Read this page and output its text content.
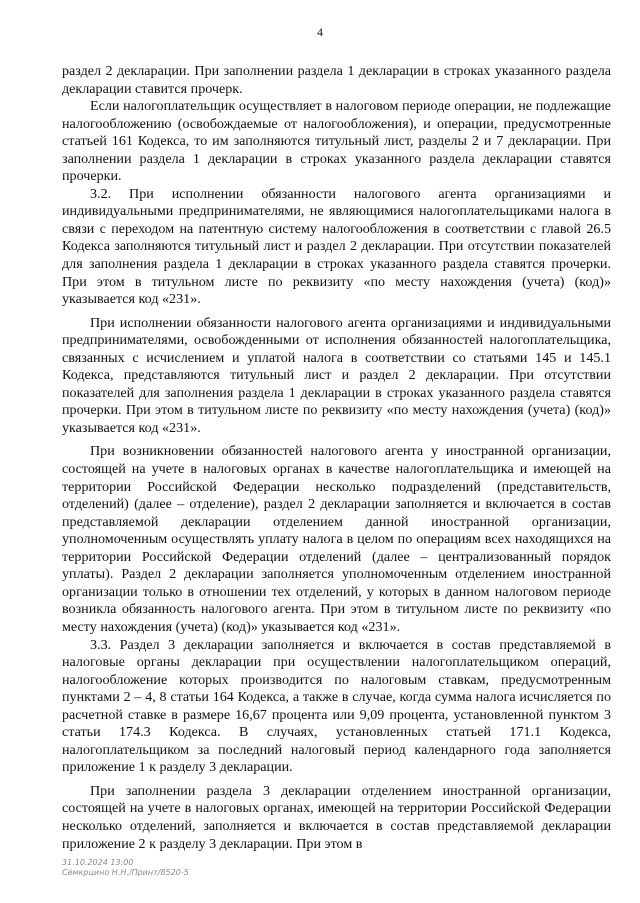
4

раздел 2 декларации. При заполнении раздела 1 декларации в строках указанного раздела декларации ставится прочерк.

Если налогоплательщик осуществляет в налоговом периоде операции, не подлежащие налогообложению (освобождаемые от налогообложения), и операции, предусмотренные статьей 161 Кодекса, то им заполняются титульный лист, разделы 2 и 7 декларации. При заполнении раздела 1 декларации в строках указанного раздела декларации ставятся прочерки.

3.2. При исполнении обязанности налогового агента организациями и индивидуальными предпринимателями, не являющимися налогоплательщиками налога в связи с переходом на патентную систему налогообложения в соответствии с главой 26.5 Кодекса заполняются титульный лист и раздел 2 декларации. При отсутствии показателей для заполнения раздела 1 декларации в строках указанного раздела ставятся прочерки. При этом в титульном листе по реквизиту «по месту нахождения (учета) (код)» указывается код «231».

При исполнении обязанности налогового агента организациями и индивидуальными предпринимателями, освобожденными от исполнения обязанностей налогоплательщика, связанных с исчислением и уплатой налога в соответствии со статьями 145 и 145.1 Кодекса, представляются титульный лист и раздел 2 декларации. При отсутствии показателей для заполнения раздела 1 декларации в строках указанного раздела ставятся прочерки. При этом в титульном листе по реквизиту «по месту нахождения (учета) (код)» указывается код «231».

При возникновении обязанностей налогового агента у иностранной организации, состоящей на учете в налоговых органах в качестве налогоплательщика и имеющей на территории Российской Федерации несколько подразделений (представительств, отделений) (далее – отделение), раздел 2 декларации заполняется и включается в состав представляемой декларации отделением данной иностранной организации, уполномоченным осуществлять уплату налога в целом по операциям всех находящихся на территории Российской Федерации отделений (далее – централизованный порядок уплаты). Раздел 2 декларации заполняется уполномоченным отделением иностранной организации только в отношении тех отделений, у которых в данном налоговом периоде возникла обязанность налогового агента. При этом в титульном листе по реквизиту «по месту нахождения (учета) (код)» указывается код «231».

3.3. Раздел 3 декларации заполняется и включается в состав представляемой в налоговые органы декларации при осуществлении налогоплательщиком операций, налогообложение которых производится по налоговым ставкам, предусмотренным пунктами 2 – 4, 8 статьи 164 Кодекса, а также в случае, когда сумма налога исчисляется по расчетной ставке в размере 16,67 процента или 9,09 процента, установленной пунктом 3 статьи 174.3 Кодекса. В случаях, установленных статьей 171.1 Кодекса, налогоплательщиком за последний налоговый период календарного года заполняется приложение 1 к разделу 3 декларации.

При заполнении раздела 3 декларации отделением иностранной организации, состоящей на учете в налоговых органах, имеющей на территории Российской Федерации несколько отделений, заполняется и включается в состав представляемой декларации приложение 2 к разделу 3 декларации. При этом в

31.10.2024 13:00
Сёмкрцино Н.Н./Принт/8520-5
